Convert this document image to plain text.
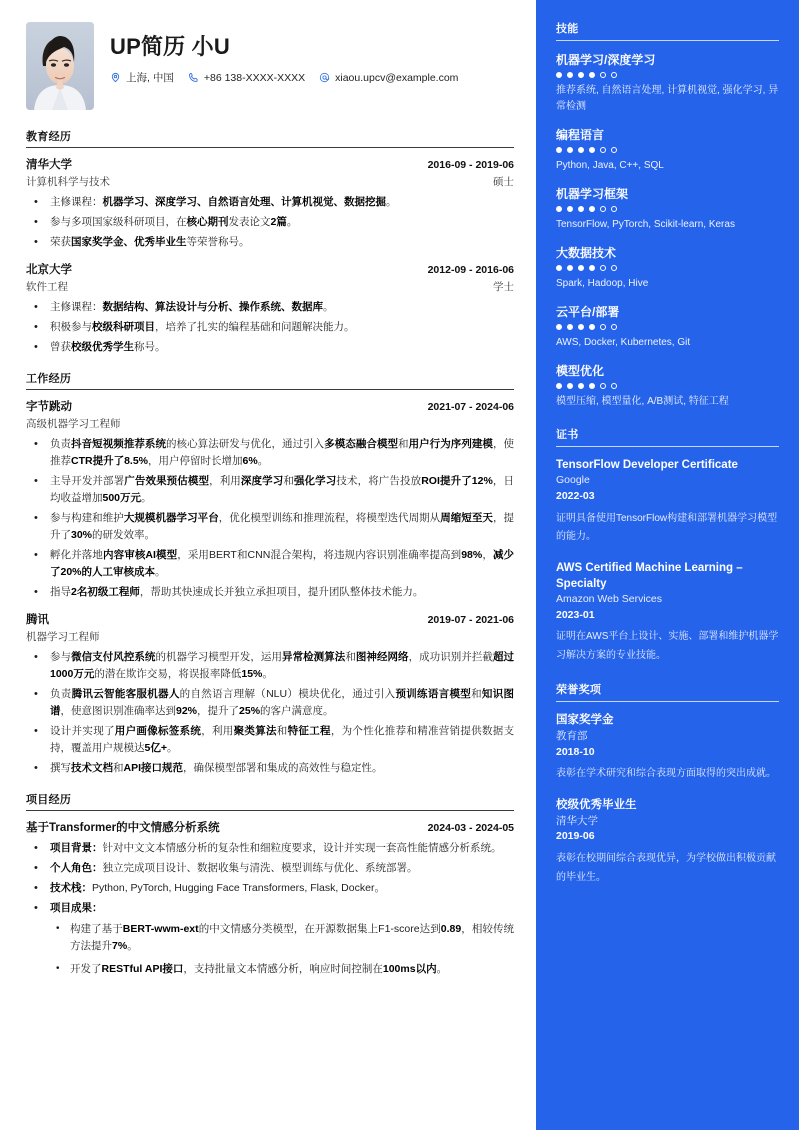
UP简历 小U
上海, 中国	+86 138-XXXX-XXXX	xiaou.upcv@example.com
教育经历
清华大学	2016-09 - 2019-06
计算机科学与技术	硕士
• 主修课程：机器学习、深度学习、自然语言处理、计算机视觉、数据挖掘。
• 参与多项国家级科研项目，在核心期刊发表论文2篇。
• 荣获国家奖学金、优秀毕业生等荣誉称号。
北京大学	2012-09 - 2016-06
软件工程	学士
• 主修课程：数据结构、算法设计与分析、操作系统、数据库。
• 积极参与校级科研项目，培养了扎实的编程基础和问题解决能力。
• 曾获校级优秀学生称号。
工作经历
字节跳动	2021-07 - 2024-06
高级机器学习工程师
• 负责抖音短视频推荐系统的核心算法研发与优化，通过引入多模态融合模型和用户行为序列建模，使推荐CTR提升了8.5%，用户停留时长增加6%。
• 主导开发并部署广告效果预估模型，利用深度学习和强化学习技术，将广告投放ROI提升了12%，日均收益增加500万元。
• 参与构建和维护大规模机器学习平台，优化模型训练和推理流程，将模型迭代周期从周缩短至天，提升了30%的研发效率。
• 孵化并落地内容审核AI模型，采用BERT和CNN混合架构，将违规内容识别准确率提高到98%，减少了20%的人工审核成本。
• 指导2名初级工程师，帮助其快速成长并独立承担项目，提升团队整体技术能力。
腾讯	2019-07 - 2021-06
机器学习工程师
• 参与微信支付风控系统的机器学习模型开发，运用异常检测算法和图神经网络，成功识别并拦截超过1000万元的潜在欺诈交易，将误报率降低15%。
• 负责腾讯云智能客服机器人的自然语言理解（NLU）模块优化，通过引入预训练语言模型和知识图谱，使意图识别准确率达到92%，提升了25%的客户满意度。
• 设计并实现了用户画像标签系统，利用聚类算法和特征工程，为个性化推荐和精准营销提供数据支持，覆盖用户规模达5亿+。
• 撰写技术文档和API接口规范，确保模型部署和集成的高效性与稳定性。
项目经历
基于Transformer的中文情感分析系统	2024-03 - 2024-05
• 项目背景：针对中文文本情感分析的复杂性和细粒度要求，设计并实现一套高性能情感分析系统。
• 个人角色：独立完成项目设计、数据收集与清洗、模型训练与优化、系统部署。
• 技术栈：Python, PyTorch, Hugging Face Transformers, Flask, Docker。
• 项目成果：
• 构建了基于BERT-wwm-ext的中文情感分类模型，在开源数据集上F1-score达到0.89，相较传统方法提升7%。
• 开发了RESTful API接口，支持批量文本情感分析，响应时间控制在100ms以内。
技能
机器学习/深度学习
推荐系统, 自然语言处理, 计算机视觉, 强化学习, 异常检测
编程语言
Python, Java, C++, SQL
机器学习框架
TensorFlow, PyTorch, Scikit-learn, Keras
大数据技术
Spark, Hadoop, Hive
云平台/部署
AWS, Docker, Kubernetes, Git
模型优化
模型压缩, 模型量化, A/B测试, 特征工程
证书
TensorFlow Developer Certificate
Google
2022-03
证明具备使用TensorFlow构建和部署机器学习模型的能力。
AWS Certified Machine Learning – Specialty
Amazon Web Services
2023-01
证明在AWS平台上设计、实施、部署和维护机器学习解决方案的专业技能。
荣誉奖项
国家奖学金
教育部
2018-10
表彰在学术研究和综合表现方面取得的突出成就。
校级优秀毕业生
清华大学
2019-06
表彰在校期间综合表现优异，为学校做出积极贡献的毕业生。
